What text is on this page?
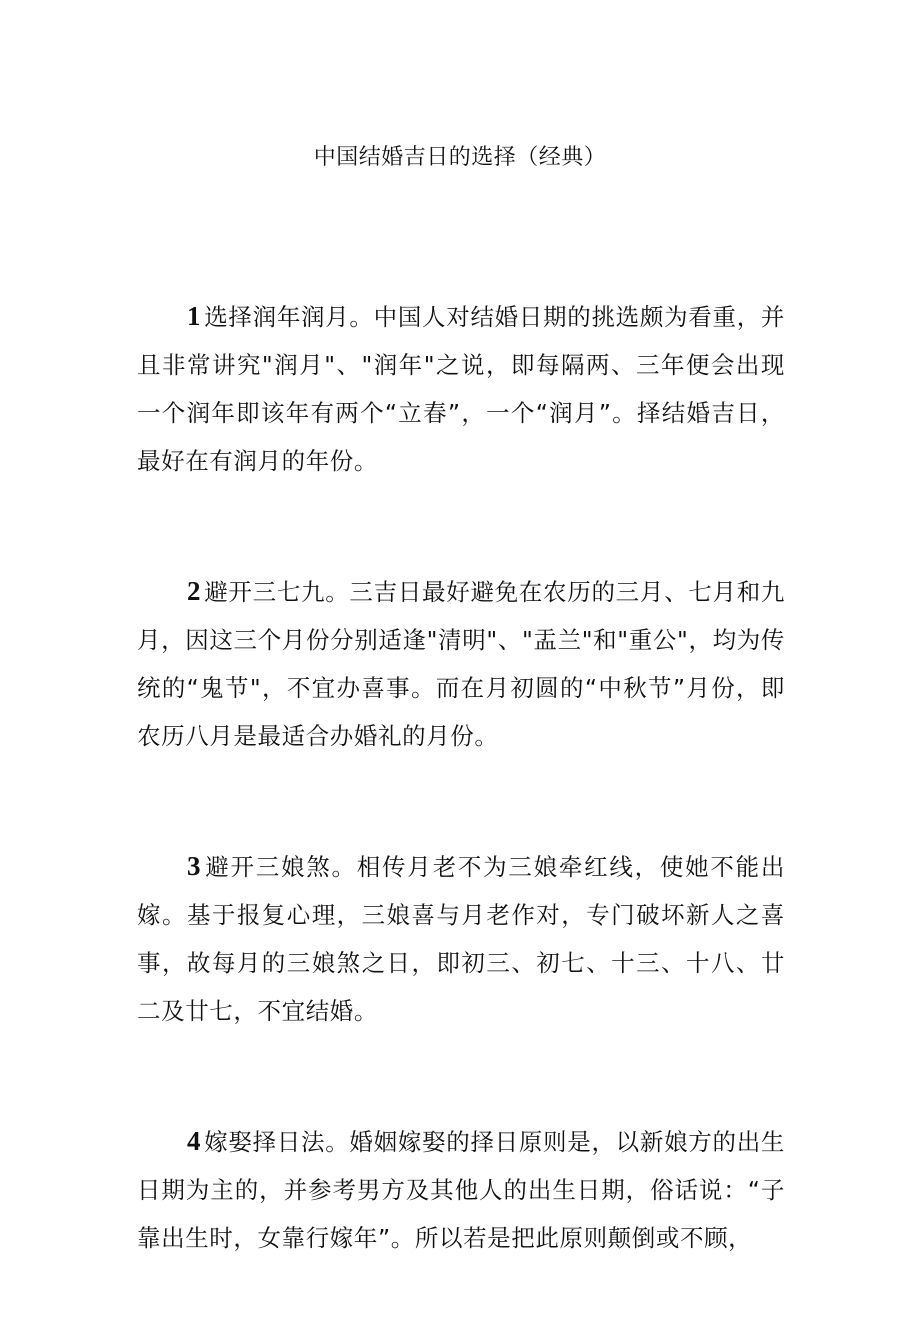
中国结婚吉日的选择（经典）

1 选择润年润月。中国人对结婚日期的挑选颇为看重，并且非常讲究"润月"、"润年"之说，即每隔两、三年便会出现一个润年即该年有两个“立春”，一个“润月”。择结婚吉日，最好在有润月的年份。

2 避开三七九。三吉日最好避免在农历的三月、七月和九月，因这三个月份分别适逢"清明"、"盂兰"和"重公"，均为传统的“鬼节"，不宜办喜事。而在月初圆的“中秋节”月份，即农历八月是最适合办婚礼的月份。

3 避开三娘煞。相传月老不为三娘牵红线，使她不能出嫁。基于报复心理，三娘喜与月老作对，专门破坏新人之喜事，故每月的三娘煞之日，即初三、初七、十三、十八、廿二及廿七，不宜结婚。

4 嫁娶择日法。婚姻嫁娶的择日原则是，以新娘方的出生日期为主的，并参考男方及其他人的出生日期，俗话说：“子靠出生时，女靠行嫁年”。所以若是把此原则颠倒或不顾，
